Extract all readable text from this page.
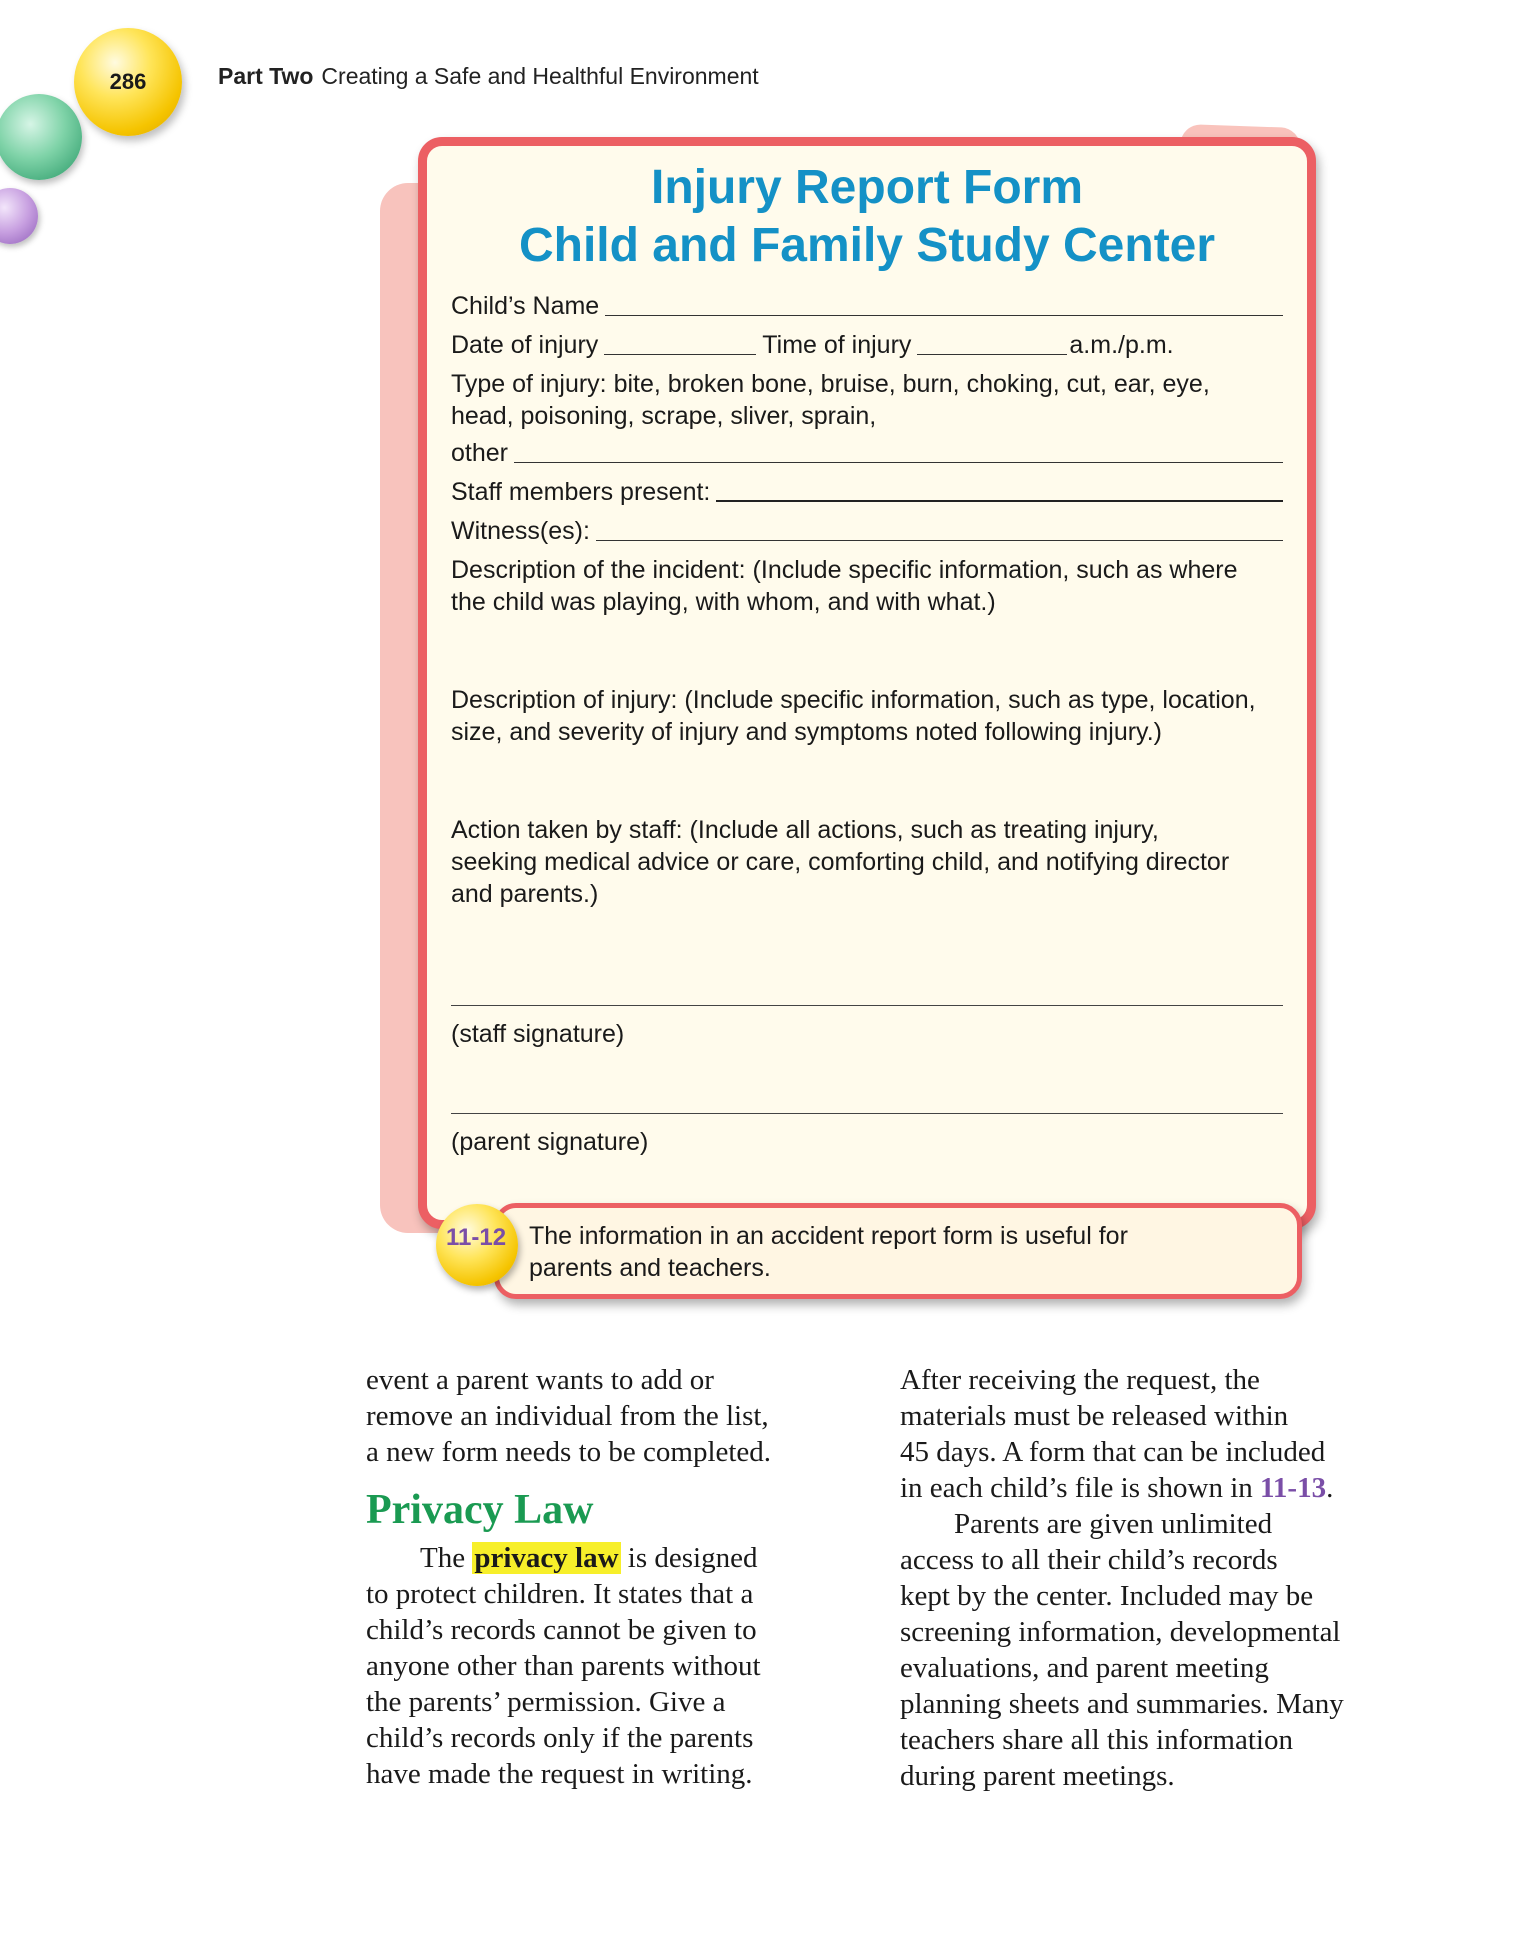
286	Part Two Creating a Safe and Healthful Environment
Injury Report Form
Child and Family Study Center
Child’s Name
Date of injury	Time of injury	a.m./p.m.
Type of injury: bite, broken bone, bruise, burn, choking, cut, ear, eye,
head, poisoning, scrape, sliver, sprain,
other
Staff members present:
Witness(es):
Description of the incident: (Include specific information, such as where
the child was playing, with whom, and with what.)
Description of injury: (Include specific information, such as type, location,
size, and severity of injury and symptoms noted following injury.)
Action taken by staff: (Include all actions, such as treating injury,
seeking medical advice or care, comforting child, and notifying director
and parents.)
(staff signature)
(parent signature)
The information in an accident report form is useful for
parents and teachers.
11-12

event a parent wants to add or
remove an individual from the list,
a new form needs to be completed.

Privacy Law

The privacy law is designed
to protect children. It states that a
child’s records cannot be given to
anyone other than parents without
the parents’ permission. Give a
child’s records only if the parents
have made the request in writing.

After receiving the request, the
materials must be released within
45 days. A form that can be included
in each child’s file is shown in 11-13.

Parents are given unlimited
access to all their child’s records
kept by the center. Included may be
screening information, developmental
evaluations, and parent meeting
planning sheets and summaries. Many
teachers share all this information
during parent meetings.
